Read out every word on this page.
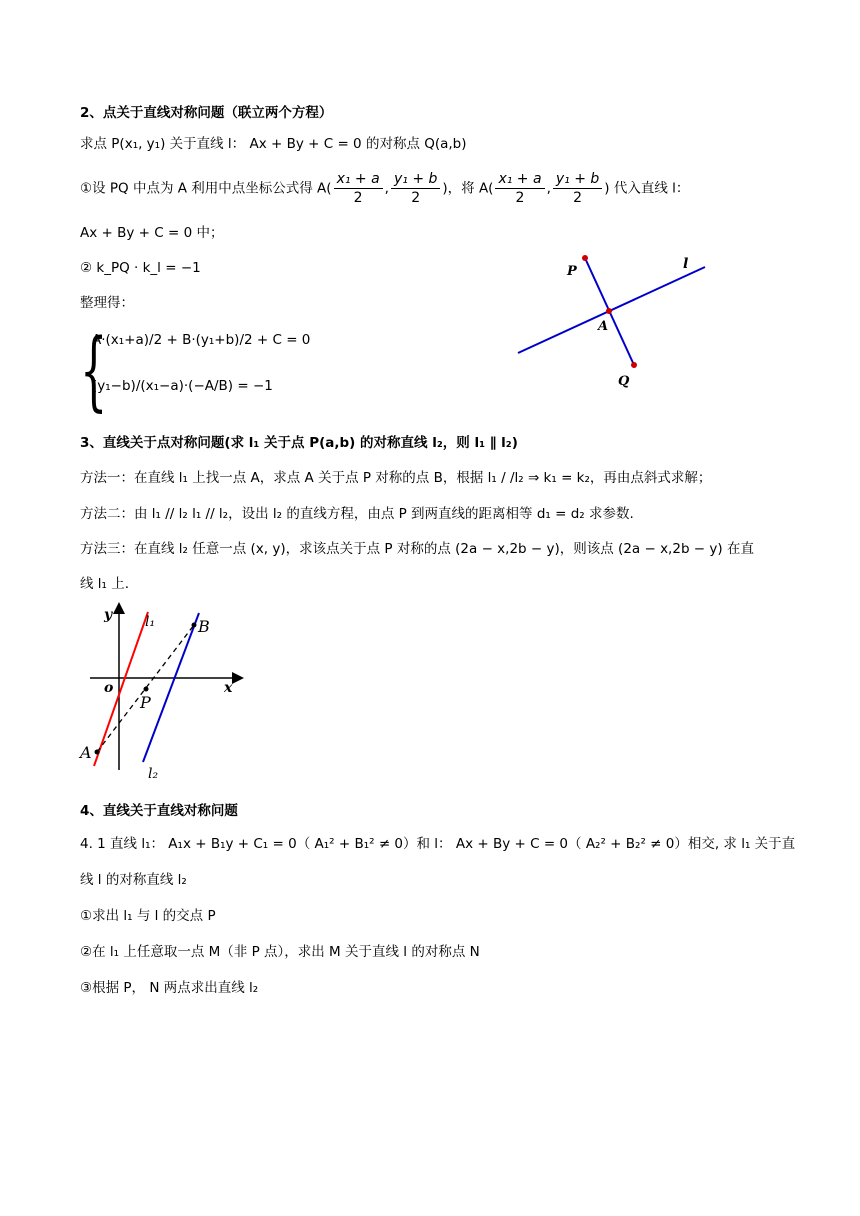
2、点关于直线对称问题（联立两个方程）
求点 P(x₁, y₁) 关于直线 l： Ax + By + C = 0 的对称点 Q(a,b)
①设 PQ 中点为 A 利用中点坐标公式得 $A( \frac{\text{x₁ + a}}{2}$ , $\frac{\text{y₁ + b}}{2}$ )，将 $A( \frac{\text{x₁ + a}}{2}$ , $\frac{\text{y₁ + b}}{2}$ ) 代入直线 l：
Ax + By + C = 0 中；
② k_PQ · k_l = −1
整理得：
{
A·(x₁+a)/2 + B·(y₁+b)/2 + C = 0
(y₁−b)/(x₁−a)·(−A/B) = −1
P
A
Q
l
3、直线关于点对称问题(求 l₁ 关于点 P(a,b) 的对称直线 l₂，则 l₁ ∥ l₂)
方法一：在直线 l₁ 上找一点 A，求点 A 关于点 P 对称的点 B，根据 l₁ / /l₂ ⇒ k₁ = k₂，再由点斜式求解；
方法二：由 l₁ // l₂ l₁ // l₂，设出 l₂ 的直线方程，由点 P 到两直线的距离相等 d₁ = d₂ 求参数.
方法三：在直线 l₂ 任意一点 (x, y)，求该点关于点 P 对称的点 (2a − x,2b − y)，则该点 (2a − x,2b − y) 在直
线 l₁ 上.
y
x
o
l₁
l₂
B
P
A
4、直线关于直线对称问题
4. 1 直线 l₁： A₁x + B₁y + C₁ = 0（ A₁² + B₁² ≠ 0）和 l： Ax + By + C = 0（ A₂² + B₂² ≠ 0）相交, 求 l₁ 关于直
线 l 的对称直线 l₂
①求出 l₁ 与 l 的交点 P
②在 l₁ 上任意取一点 M（非 P 点），求出 M 关于直线 l 的对称点 N
③根据 P， N 两点求出直线 l₂
